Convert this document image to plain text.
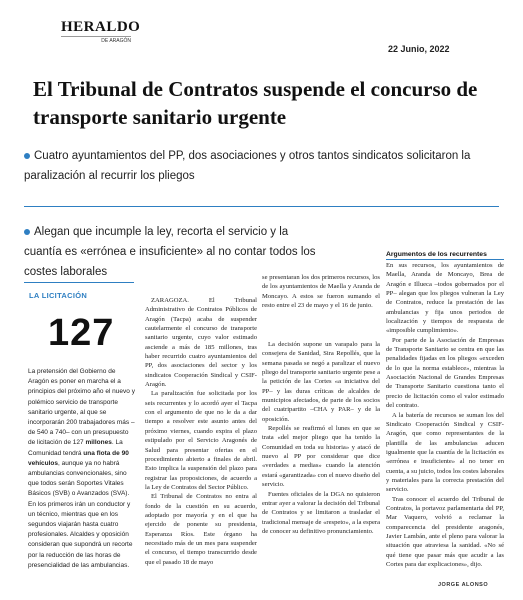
HERALDO
DE ARAGÓN
22 Junio, 2022
El Tribunal de Contratos suspende el concurso de transporte sanitario urgente
Cuatro ayuntamientos del PP, dos asociaciones y otros tantos sindicatos solicitaron la paralización al recurrir los pliegos
Alegan que incumple la ley, recorta el servicio y la cuantía es «errónea e insuficiente» al no contar todos los costes laborales
LA LICITACIÓN
127
La pretensión del Gobierno de Aragón es poner en marcha el a principios del próximo año el nuevo y polémico servicio de transporte sanitario urgente, al que se incorporarán 200 trabajadores más –de 540 a 740– con un presupuesto de licitación de 127 millones. La Comunidad tendrá una flota de 90 vehículos, aunque ya no habrá ambulancias convencionales, sino que todos serán Soportes Vitales Básicos (SVB) o Avanzados (SVA). En los primeros irán un conductor y un técnico, mientras que en los segundos viajarán hasta cuatro profesionales. Alcaldes y oposición consideran que supondrá un recorte por la reducción de las horas de presencialidad de las ambulancias.

ZARAGOZA. El Tribunal Administrativo de Contratos Públicos de Aragón (Tacpa) acaba de suspender cautelarmente el concurso de transporte sanitario urgente, cuyo valor estimado asciende a más de 185 millones, tras haber recurrido cuatro ayuntamientos del PP, dos asociaciones del sector y los sindicatos Cooperación Sindical y CSIF-Aragón.

La paralización fue solicitada por los seis recurrentes y lo acordó ayer el Tacpa con el argumento de que no le da a dar tiempo a resolver este asunto antes del próximo viernes, cuando expira el plazo estipulado por el Servicio Aragonés de Salud para presentar ofertas en el procedimiento abierto a finales de abril. Esto implica la suspensión del plazo para registrar las proposiciones, de acuerdo a la Ley de Contratos del Sector Público.

El Tribunal de Contratos no entra al fondo de la cuestión en su acuerdo, adoptado por mayoría y en el que ha ejercido de ponente su presidenta, Esperanza Ríos. Este órgano ha necesitado más de un mes para suspender el concurso, el tiempo transcurrido desde que el pasado 18 de mayo

se presentaran los dos primeros recursos, los de los ayuntamientos de Maella y Aranda de Moncayo. A estos se fueron sumando el resto entre el 23 de mayo y el 16 de junio.

La decisión supone un varapalo para la consejera de Sanidad, Sira Repollés, que la semana pasada se negó a paralizar el nuevo pliego del transporte sanitario urgente pese a la petición de las Cortes «a iniciativa del PP– y las duras críticas de alcaldes de municipios afectados, de parte de los socios del cuatripartito –CHA y PAR– y de la oposición.

Repollés se reafirmó el lunes en que se trata «del mejor pliego que ha tenido la Comunidad en toda su historia» y atacó de nuevo al PP por considerar que dice «verdades a medias» cuando la atención estará «garantizada» con el nuevo diseño del servicio.

Fuentes oficiales de la DGA no quisieron entrar ayer a valorar la decisión del Tribunal de Contratos y se limitaron a trasladar el tradicional mensaje de «respeto», a la espera de conocer su definitivo pronunciamiento.

Argumentos de los recurrentes

En sus recursos, los ayuntamientos de Maella, Aranda de Moncayo, Brea de Aragón e Illueca –todos gobernados por el PP– alegan que los pliegos vulneran la Ley de Contratos, reduce la prestación de las ambulancias y fija unos periodos de localización y tiempos de respuesta de «imposible cumplimiento».

Por parte de la Asociación de Empresas de Transporte Sanitario se centra en que las penalidades fijadas en los pliegos «exceden de lo que la norma establece», mientras la Asociación Nacional de Grandes Empresas de Transporte Sanitario cuestiona tanto el precio de licitación como el valor estimado del contrato.

A la batería de recursos se suman los del Sindicato Cooperación Sindical y CSIF-Aragón, que como representantes de la plantilla de las ambulancias aducen igualmente que la cuantía de la licitación es «errónea e insuficiente» al no tener en cuenta, a su juicio, todos los costes laborales y materiales para la correcta prestación del servicio.

Tras conocer el acuerdo del Tribunal de Contratos, la portavoz parlamentaria del PP, Mar Vaquero, volvió a reclamar la comparecencia del presidente aragonés, Javier Lambán, ante el pleno para valorar la situación que atraviesa la sanidad. «No sé qué tiene que pasar más que acudir a las Cortes para dar explicaciones», dijo.

JORGE ALONSO
